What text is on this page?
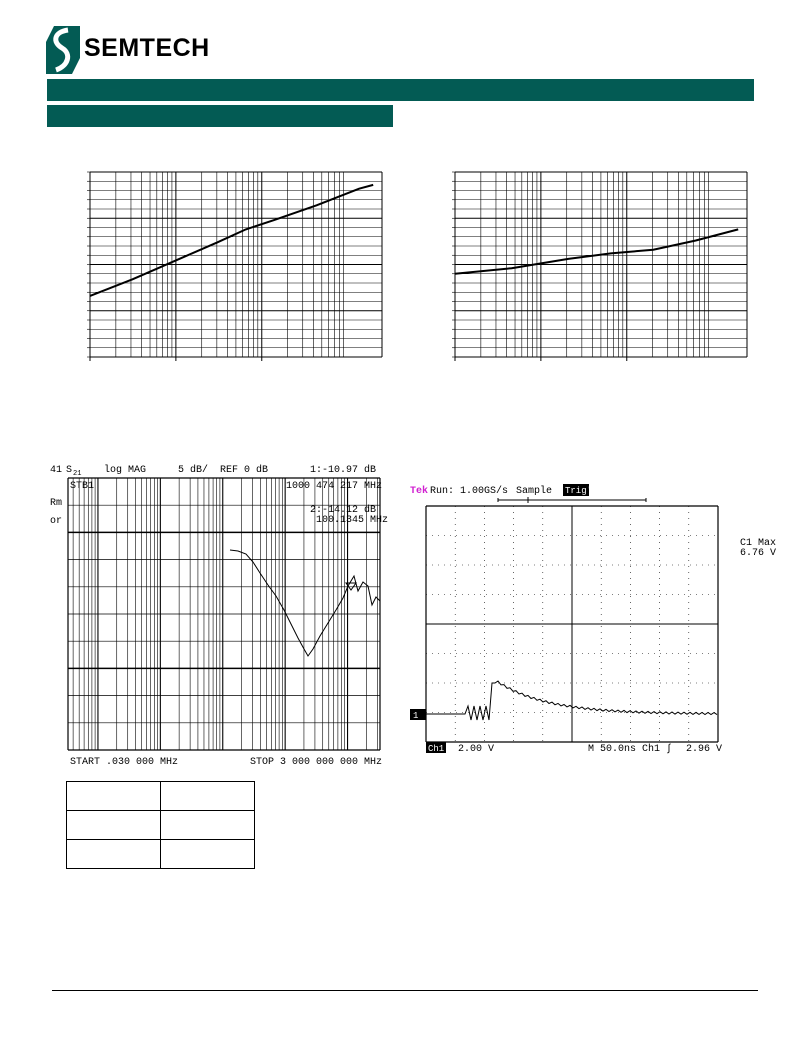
SEMTECH
41 S 21 log MAG	5 dB/ REF 0 dB	1:-10.97 dB
Rm
or
STB1	1000 474 217 MHz
2:-14.12 dB
100.1345 MHz
START .030 000 MHz	STOP 3 000 000 000 MHz
Tek Run: 1.00GS/s Sample Trig'd
1
C1 Max
6.76 V
Ch1 2.00 V	M 50.0ns Ch1 ∫ 2.96 V
